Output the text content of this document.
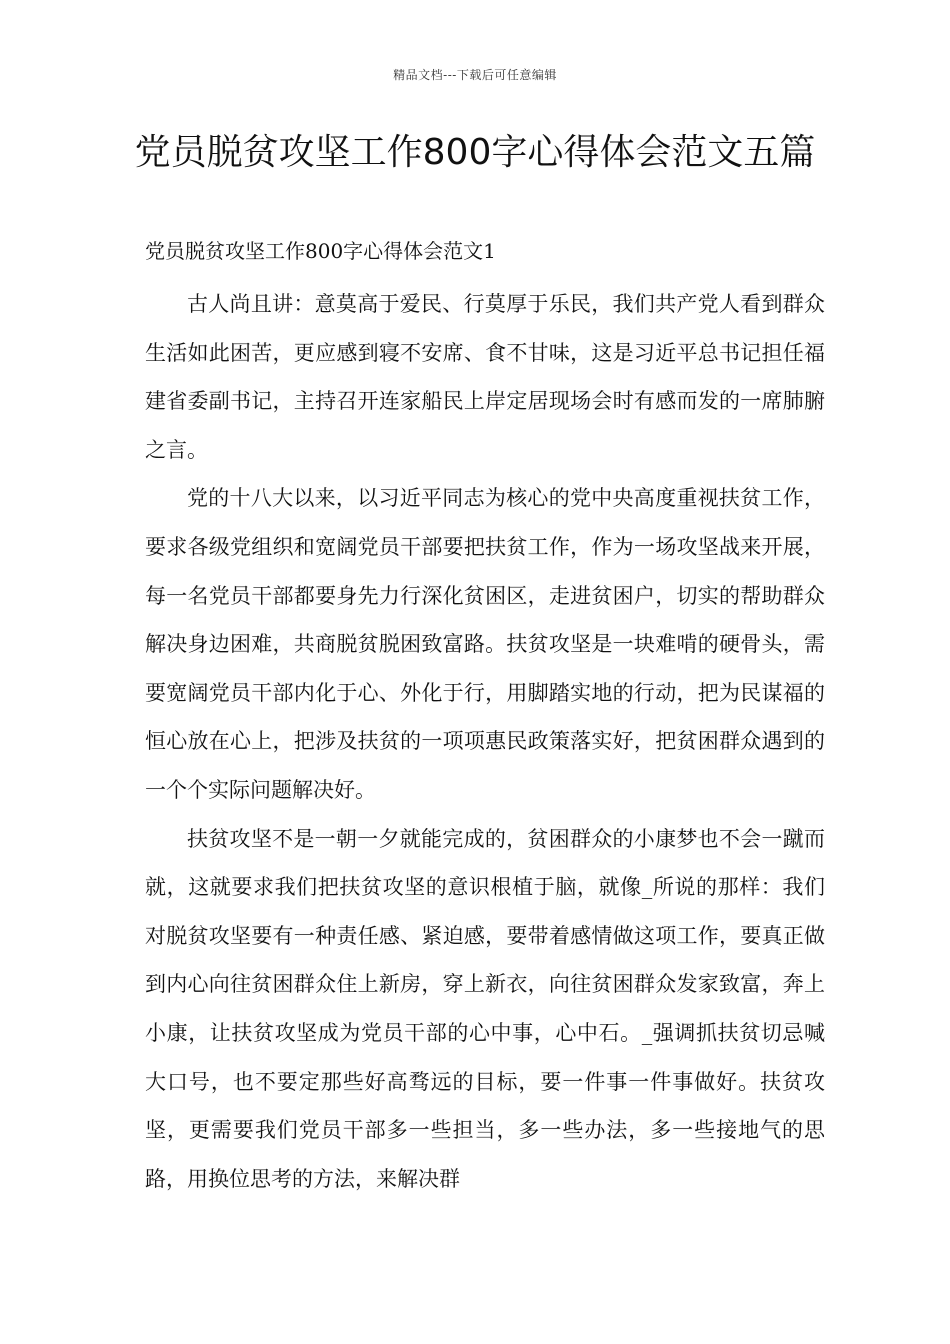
精品文档---下载后可任意编辑
党员脱贫攻坚工作800字心得体会范文五篇

党员脱贫攻坚工作800字心得体会范文1

古人尚且讲：意莫高于爱民、行莫厚于乐民，我们共产党人看到群众生活如此困苦，更应感到寝不安席、食不甘味，这是习近平总书记担任福建省委副书记，主持召开连家船民上岸定居现场会时有感而发的一席肺腑之言。

党的十八大以来，以习近平同志为核心的党中央高度重视扶贫工作，要求各级党组织和宽阔党员干部要把扶贫工作，作为一场攻坚战来开展，每一名党员干部都要身先力行深化贫困区，走进贫困户，切实的帮助群众解决身边困难，共商脱贫脱困致富路。扶贫攻坚是一块难啃的硬骨头，需要宽阔党员干部内化于心、外化于行，用脚踏实地的行动，把为民谋福的恒心放在心上，把涉及扶贫的一项项惠民政策落实好，把贫困群众遇到的一个个实际问题解决好。

扶贫攻坚不是一朝一夕就能完成的，贫困群众的小康梦也不会一蹴而就，这就要求我们把扶贫攻坚的意识根植于脑，就像_所说的那样：我们对脱贫攻坚要有一种责任感、紧迫感，要带着感情做这项工作，要真正做到内心向往贫困群众住上新房，穿上新衣，向往贫困群众发家致富，奔上小康，让扶贫攻坚成为党员干部的心中事，心中石。_强调抓扶贫切忌喊大口号，也不要定那些好高骛远的目标，要一件事一件事做好。扶贫攻坚，更需要我们党员干部多一些担当，多一些办法，多一些接地气的思路，用换位思考的方法，来解决群
